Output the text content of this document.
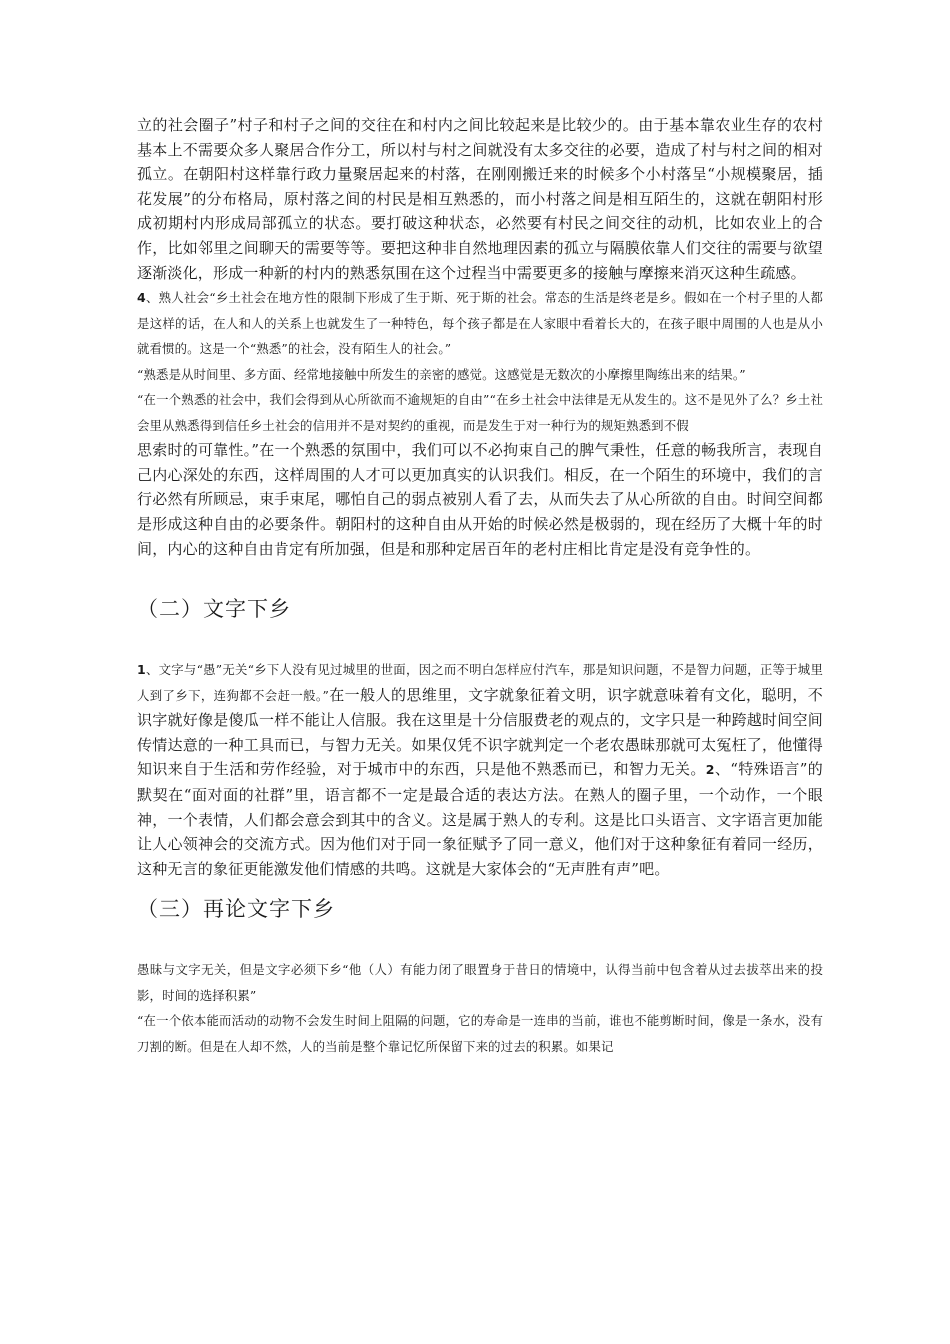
立的社会圈子”村子和村子之间的交往在和村内之间比较起来是比较少的。由于基本靠农业生存的农村基本上不需要众多人聚居合作分工，所以村与村之间就没有太多交往的必要，造成了村与村之间的相对孤立。在朝阳村这样靠行政力量聚居起来的村落，在刚刚搬迁来的时候多个小村落呈“小规模聚居，插花发展”的分布格局，原村落之间的村民是相互熟悉的，而小村落之间是相互陌生的，这就在朝阳村形成初期村内形成局部孤立的状态。要打破这种状态，必然要有村民之间交往的动机，比如农业上的合作，比如邻里之间聊天的需要等等。要把这种非自然地理因素的孤立与隔膜依靠人们交往的需要与欲望逐渐淡化，形成一种新的村内的熟悉氛围在这个过程当中需要更多的接触与摩擦来消灭这种生疏感。

4、熟人社会“乡土社会在地方性的限制下形成了生于斯、死于斯的社会。常态的生活是终老是乡。假如在一个村子里的人都是这样的话，在人和人的关系上也就发生了一种特色，每个孩子都是在人家眼中看着长大的，在孩子眼中周围的人也是从小就看惯的。这是一个“熟悉”的社会，没有陌生人的社会。”

“熟悉是从时间里、多方面、经常地接触中所发生的亲密的感觉。这感觉是无数次的小摩擦里陶练出来的结果。”

“在一个熟悉的社会中，我们会得到从心所欲而不逾规矩的自由”“在乡土社会中法律是无从发生的。这不是见外了么？乡土社会里从熟悉得到信任乡土社会的信用并不是对契约的重视，而是发生于对一种行为的规矩熟悉到不假

思索时的可靠性。”在一个熟悉的氛围中，我们可以不必拘束自己的脾气秉性，任意的畅我所言，表现自己内心深处的东西，这样周围的人才可以更加真实的认识我们。相反，在一个陌生的环境中，我们的言行必然有所顾忌，束手束尾，哪怕自己的弱点被别人看了去，从而失去了从心所欲的自由。时间空间都是形成这种自由的必要条件。朝阳村的这种自由从开始的时候必然是极弱的，现在经历了大概十年的时间，内心的这种自由肯定有所加强，但是和那种定居百年的老村庄相比肯定是没有竞争性的。

（二）文字下乡

1、文字与“愚”无关“乡下人没有见过城里的世面，因之而不明白怎样应付汽车，那是知识问题，不是智力问题，正等于城里人到了乡下，连狗都不会赶一般。”在一般人的思维里，文字就象征着文明，识字就意味着有文化，聪明，不识字就好像是傻瓜一样不能让人信服。我在这里是十分信服费老的观点的，文字只是一种跨越时间空间传情达意的一种工具而已，与智力无关。如果仅凭不识字就判定一个老农愚昧那就可太冤枉了，他懂得知识来自于生活和劳作经验，对于城市中的东西，只是他不熟悉而已，和智力无关。2、“特殊语言”的默契在“面对面的社群”里，语言都不一定是最合适的表达方法。在熟人的圈子里，一个动作，一个眼神，一个表情，人们都会意会到其中的含义。这是属于熟人的专利。这是比口头语言、文字语言更加能让人心领神会的交流方式。因为他们对于同一象征赋予了同一意义，他们对于这种象征有着同一经历，这种无言的象征更能激发他们情感的共鸣。这就是大家体会的“无声胜有声”吧。

（三）再论文字下乡

愚昧与文字无关，但是文字必须下乡“他（人）有能力闭了眼置身于昔日的情境中，认得当前中包含着从过去拔萃出来的投影，时间的选择积累”

“在一个依本能而活动的动物不会发生时间上阻隔的问题，它的寿命是一连串的当前，谁也不能剪断时间，像是一条水，没有刀割的断。但是在人却不然，人的当前是整个靠记忆所保留下来的过去的积累。如果记
